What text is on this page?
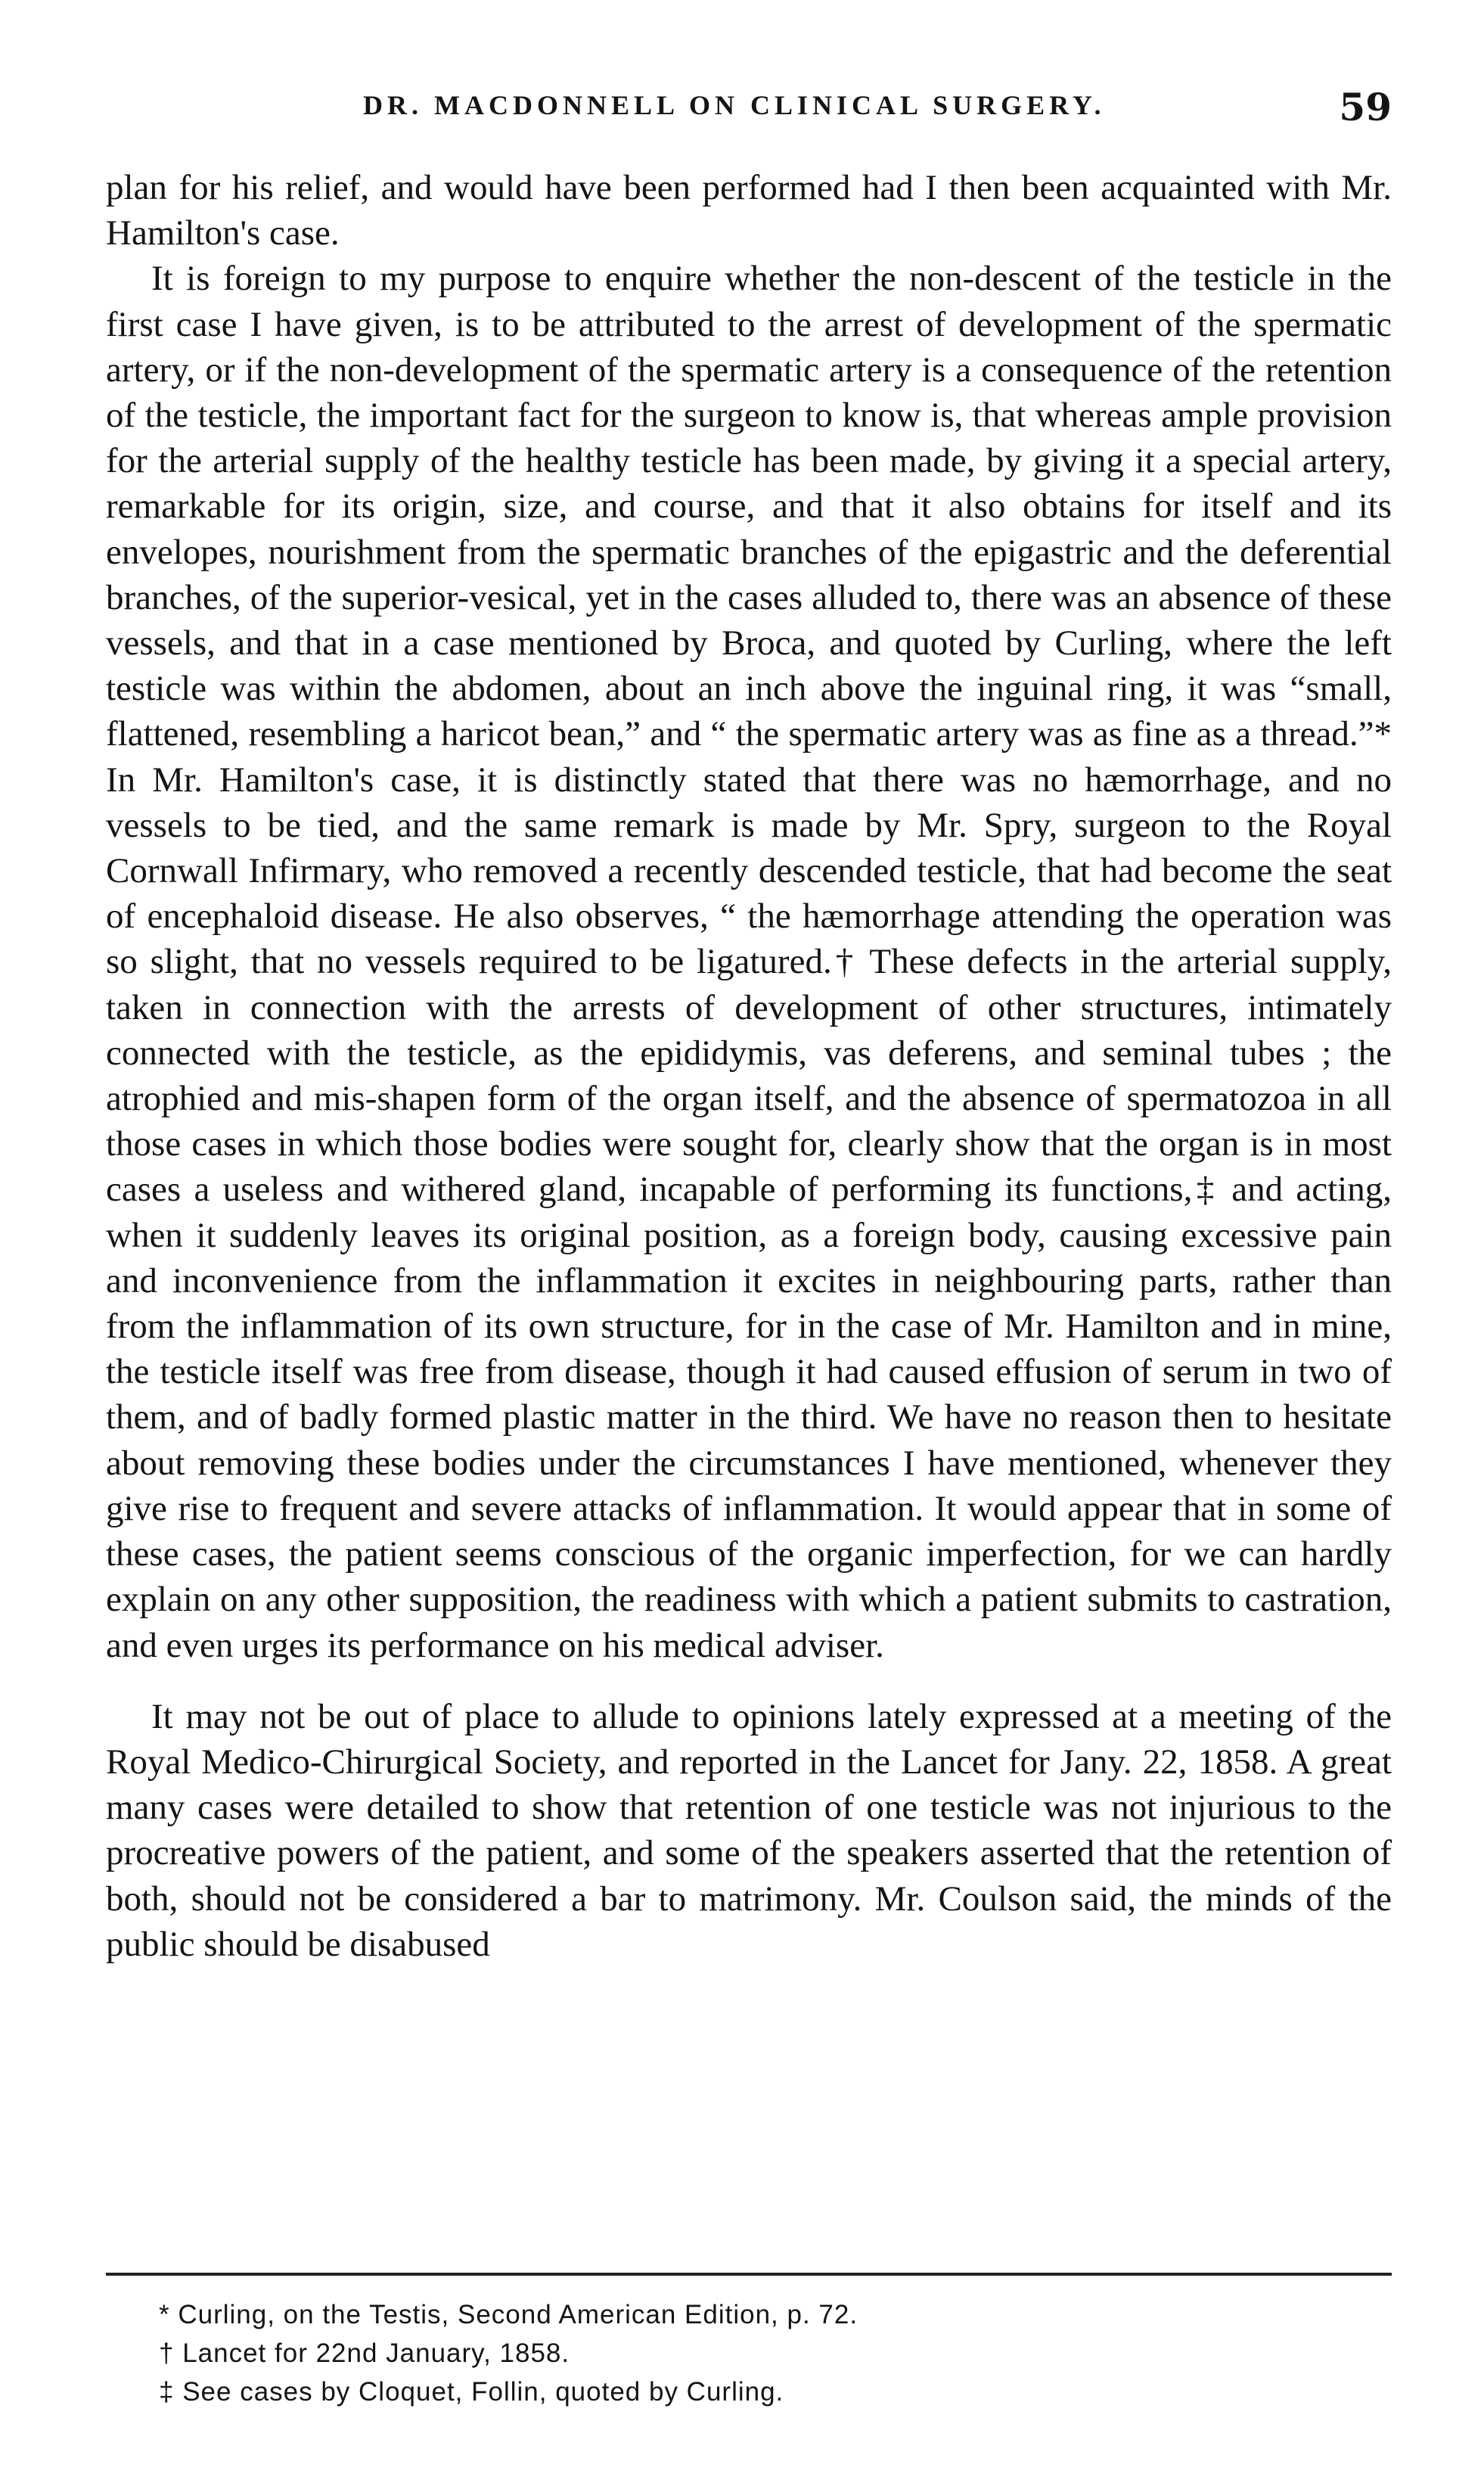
DR. MACDONNELL ON CLINICAL SURGERY.	59

plan for his relief, and would have been performed had I then been acquainted with Mr. Hamilton's case.

It is foreign to my purpose to enquire whether the non-descent of the testicle in the first case I have given, is to be attributed to the arrest of development of the spermatic artery, or if the non-development of the spermatic artery is a consequence of the retention of the testicle, the important fact for the surgeon to know is, that whereas ample provision for the arterial supply of the healthy testicle has been made, by giving it a special artery, remarkable for its origin, size, and course, and that it also obtains for itself and its envelopes, nourishment from the spermatic branches of the epigastric and the deferential branches, of the superior-vesical, yet in the cases alluded to, there was an absence of these vessels, and that in a case mentioned by Broca, and quoted by Curling, where the left testicle was within the abdomen, about an inch above the inguinal ring, it was “small, flattened, resembling a haricot bean,” and “ the spermatic artery was as fine as a thread.”* In Mr. Hamilton's case, it is distinctly stated that there was no hæmorrhage, and no vessels to be tied, and the same remark is made by Mr. Spry, surgeon to the Royal Cornwall Infirmary, who removed a recently descended testicle, that had become the seat of encephaloid disease. He also observes, “ the hæmorrhage attending the operation was so slight, that no vessels required to be ligatured.† These defects in the arterial supply, taken in connection with the arrests of development of other structures, intimately connected with the testicle, as the epididymis, vas deferens, and seminal tubes ; the atrophied and mis-shapen form of the organ itself, and the absence of spermatozoa in all those cases in which those bodies were sought for, clearly show that the organ is in most cases a useless and withered gland, incapable of performing its functions,‡ and acting, when it suddenly leaves its original position, as a foreign body, causing excessive pain and inconvenience from the inflammation it excites in neighbouring parts, rather than from the inflammation of its own structure, for in the case of Mr. Hamilton and in mine, the testicle itself was free from disease, though it had caused effusion of serum in two of them, and of badly formed plastic matter in the third. We have no reason then to hesitate about removing these bodies under the circumstances I have mentioned, whenever they give rise to frequent and severe attacks of inflammation. It would appear that in some of these cases, the patient seems conscious of the organic imperfection, for we can hardly explain on any other supposition, the readiness with which a patient submits to castration, and even urges its performance on his medical adviser.

It may not be out of place to allude to opinions lately expressed at a meeting of the Royal Medico-Chirurgical Society, and reported in the Lancet for Jany. 22, 1858. A great many cases were detailed to show that retention of one testicle was not injurious to the procreative powers of the patient, and some of the speakers asserted that the retention of both, should not be considered a bar to matrimony. Mr. Coulson said, the minds of the public should be disabused

* Curling, on the Testis, Second American Edition, p. 72.
† Lancet for 22nd January, 1858.
‡ See cases by Cloquet, Follin, quoted by Curling.
